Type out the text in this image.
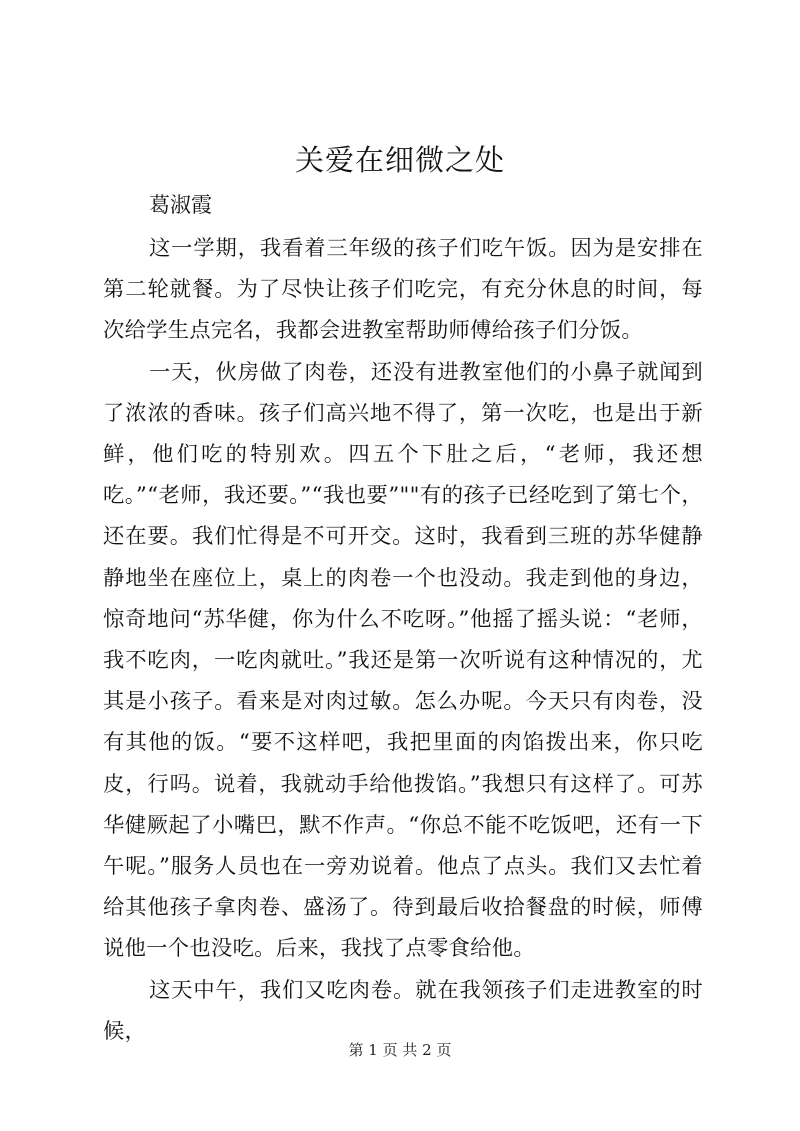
关爱在细微之处

葛淑霞

这一学期，我看着三年级的孩子们吃午饭。因为是安排在第二轮就餐。为了尽快让孩子们吃完，有充分休息的时间，每次给学生点完名，我都会进教室帮助师傅给孩子们分饭。

一天，伙房做了肉卷，还没有进教室他们的小鼻子就闻到了浓浓的香味。孩子们高兴地不得了，第一次吃，也是出于新鲜，他们吃的特别欢。四五个下肚之后，“老师，我还想吃。”“老师，我还要。”“我也要”""有的孩子已经吃到了第七个，还在要。我们忙得是不可开交。这时，我看到三班的苏华健静静地坐在座位上，桌上的肉卷一个也没动。我走到他的身边，惊奇地问“苏华健，你为什么不吃呀。”他摇了摇头说：“老师，我不吃肉，一吃肉就吐。”我还是第一次听说有这种情况的，尤其是小孩子。看来是对肉过敏。怎么办呢。今天只有肉卷，没有其他的饭。“要不这样吧，我把里面的肉馅拨出来，你只吃皮，行吗。说着，我就动手给他拨馅。”我想只有这样了。可苏华健厥起了小嘴巴，默不作声。“你总不能不吃饭吧，还有一下午呢。”服务人员也在一旁劝说着。他点了点头。我们又去忙着给其他孩子拿肉卷、盛汤了。待到最后收拾餐盘的时候，师傅说他一个也没吃。后来，我找了点零食给他。

这天中午，我们又吃肉卷。就在我领孩子们走进教室的时候，

第 1 页 共 2 页
